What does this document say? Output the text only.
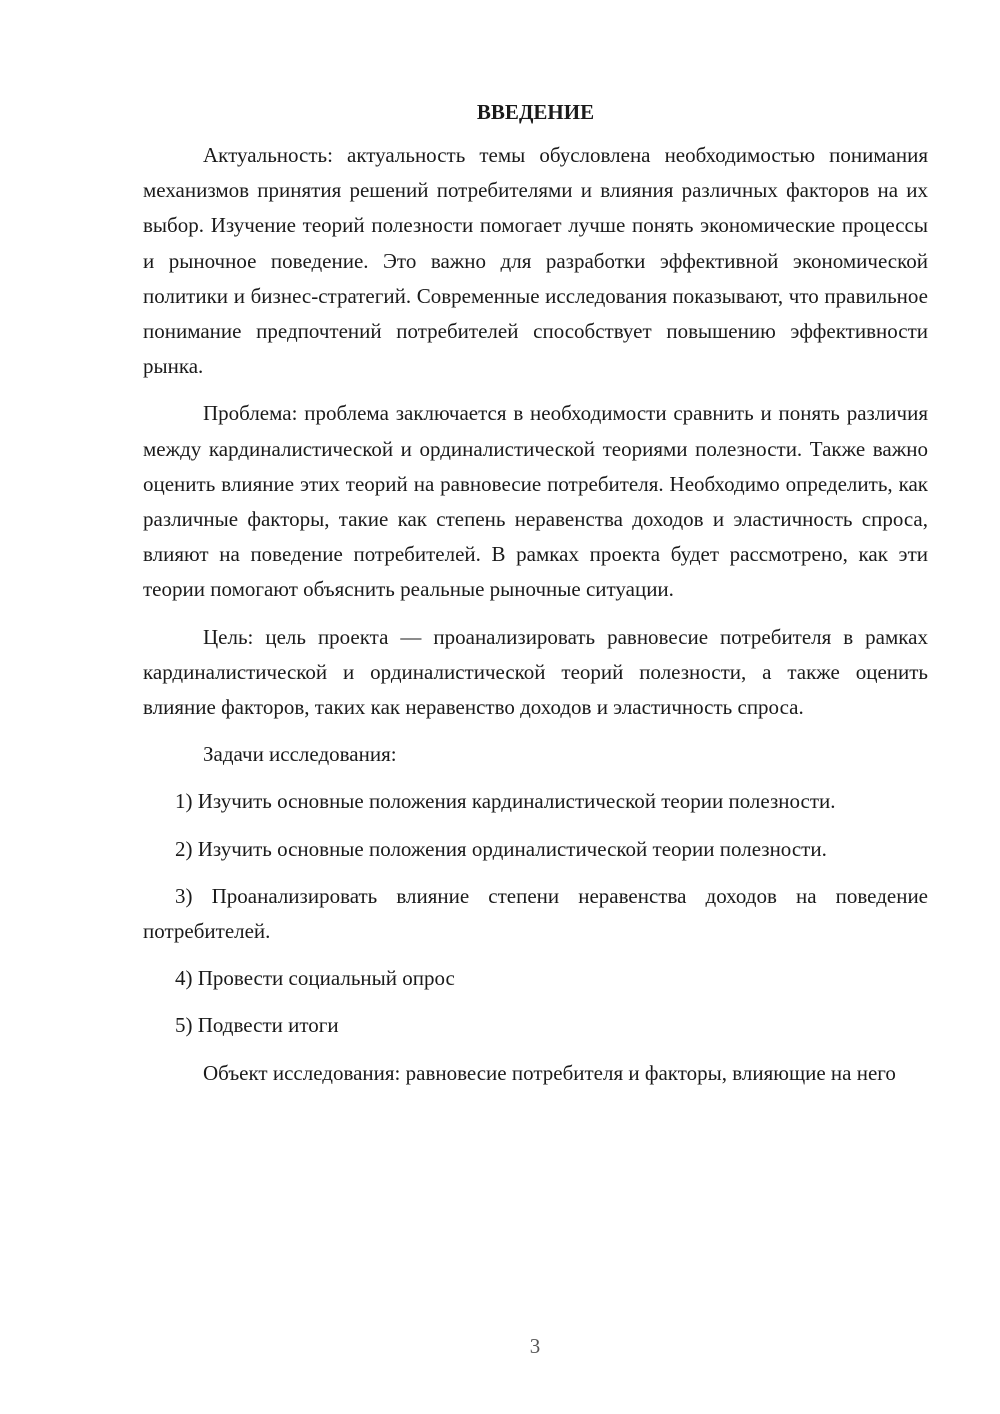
ВВЕДЕНИЕ

Актуальность: актуальность темы обусловлена необходимостью понимания механизмов принятия решений потребителями и влияния различных факторов на их выбор. Изучение теорий полезности помогает лучше понять экономические процессы и рыночное поведение. Это важно для разработки эффективной экономической политики и бизнес-стратегий. Современные исследования показывают, что правильное понимание предпочтений потребителей способствует повышению эффективности рынка.

Проблема: проблема заключается в необходимости сравнить и понять различия между кардиналистической и ординалистической теориями полезности. Также важно оценить влияние этих теорий на равновесие потребителя. Необходимо определить, как различные факторы, такие как степень неравенства доходов и эластичность спроса, влияют на поведение потребителей. В рамках проекта будет рассмотрено, как эти теории помогают объяснить реальные рыночные ситуации.

Цель: цель проекта — проанализировать равновесие потребителя в рамках кардиналистической и ординалистической теорий полезности, а также оценить влияние факторов, таких как неравенство доходов и эластичность спроса.

Задачи исследования:

1) Изучить основные положения кардиналистической теории полезности.

2) Изучить основные положения ординалистической теории полезности.

3) Проанализировать влияние степени неравенства доходов на поведение потребителей.

4) Провести социальный опрос

5) Подвести итоги

Объект исследования: равновесие потребителя и факторы, влияющие на него

3
